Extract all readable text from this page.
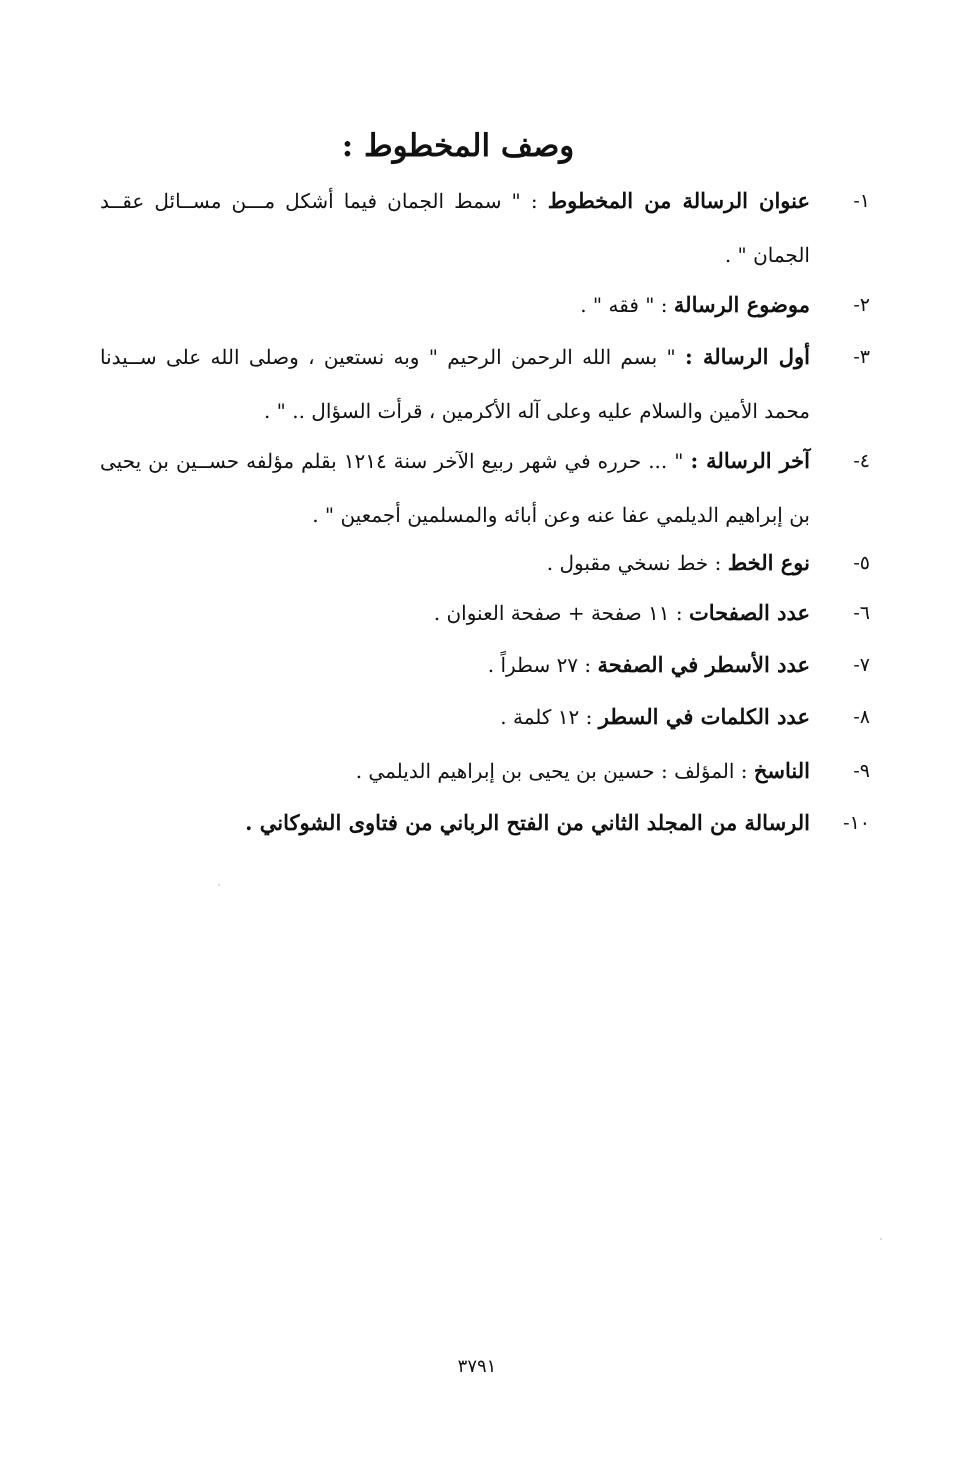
وصف المخطوط :
-١
عنوان الرسالة من المخطوط : " سمط الجمان فيما أشكل مـــن مســائل عقــد الجمان " .
-٢
موضوع الرسالة : " فقه " .
-٣
أول الرسالة : " بسم الله الرحمن الرحيم " وبه نستعين ، وصلى الله على ســيدنا محمد الأمين والسلام عليه وعلى آله الأكرمين ، قرأت السؤال .. " .
-٤
آخر الرسالة : " ... حرره في شهر ربيع الآخر سنة ١٢١٤ بقلم مؤلفه حســين بن يحيى بن إبراهيم الديلمي عفا عنه وعن أبائه والمسلمين أجمعين " .
-٥
نوع الخط : خط نسخي مقبول .
-٦
عدد الصفحات : ١١ صفحة + صفحة العنوان .
-٧
عدد الأسطر في الصفحة : ٢٧ سطراً .
-٨
عدد الكلمات في السطر : ١٢ كلمة .
-٩
الناسخ : المؤلف : حسين بن يحيى بن إبراهيم الديلمي .
-١٠
الرسالة من المجلد الثاني من الفتح الرباني من فتاوى الشوكاني .
٣٧٩١
